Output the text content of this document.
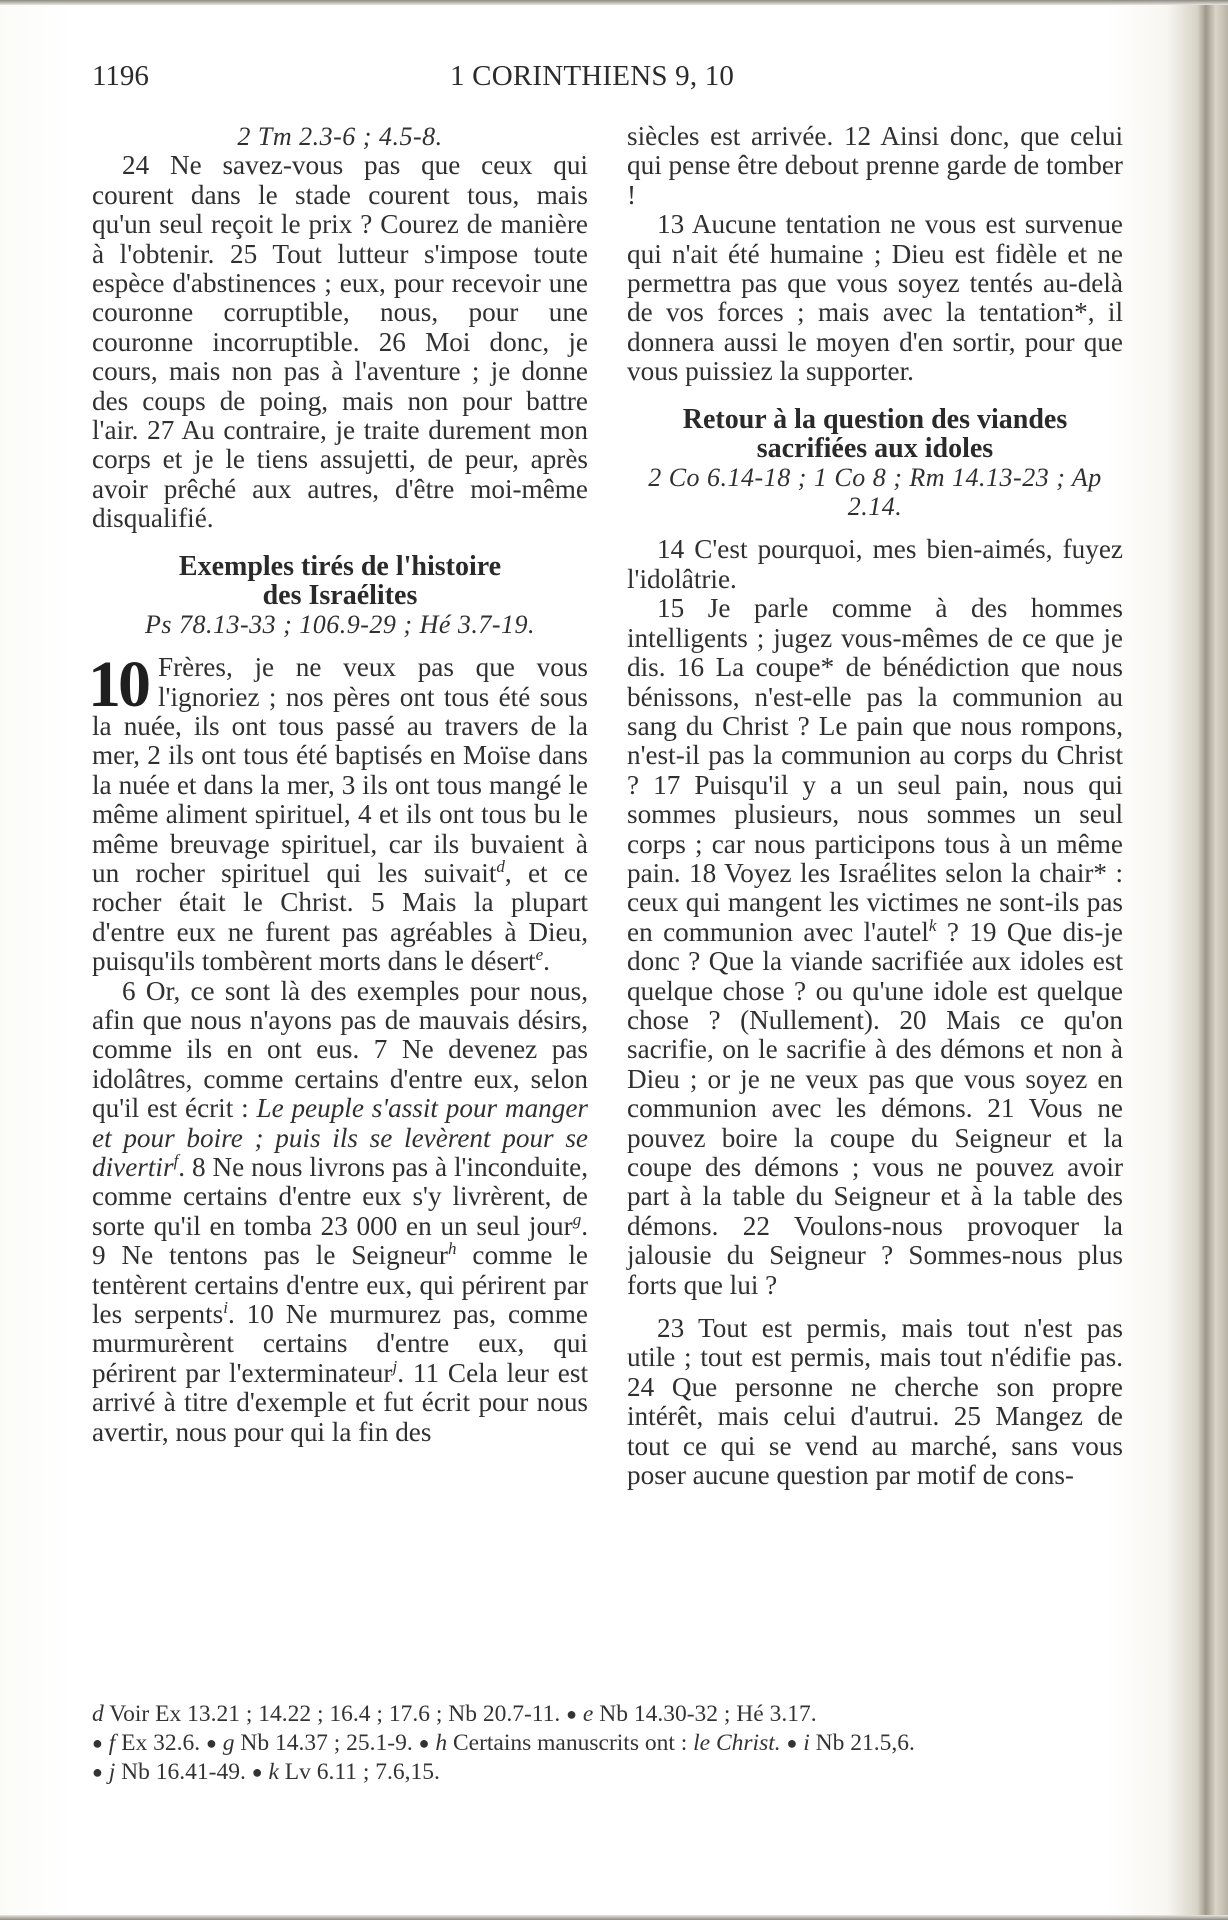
1196	1 CORINTHIENS 9, 10

2 Tm 2.3-6 ; 4.5-8.

24 Ne savez-vous pas que ceux qui courent dans le stade courent tous, mais qu'un seul reçoit le prix ? Courez de manière à l'obtenir. 25 Tout lutteur s'impose toute espèce d'abstinences ; eux, pour recevoir une couronne corruptible, nous, pour une couronne incorruptible. 26 Moi donc, je cours, mais non pas à l'aventure ; je donne des coups de poing, mais non pour battre l'air. 27 Au contraire, je traite durement mon corps et je le tiens assujetti, de peur, après avoir prêché aux autres, d'être moi-même disqualifié.

Exemples tirés de l'histoire

des Israélites

Ps 78.13-33 ; 106.9-29 ; Hé 3.7-19.

10 Frères, je ne veux pas que vous l'ignoriez ; nos pères ont tous été sous la nuée, ils ont tous passé au travers de la mer, 2 ils ont tous été baptisés en Moïse dans la nuée et dans la mer, 3 ils ont tous mangé le même aliment spirituel, 4 et ils ont tous bu le même breuvage spirituel, car ils buvaient à un rocher spirituel qui les suivait$^d$, et ce rocher était le Christ. 5 Mais la plupart d'entre eux ne furent pas agréables à Dieu, puisqu'ils tombèrent morts dans le désert$^e$.

6 Or, ce sont là des exemples pour nous, afin que nous n'ayons pas de mauvais désirs, comme ils en ont eus. 7 Ne devenez pas idolâtres, comme certains d'entre eux, selon qu'il est écrit : Le peuple s'assit pour manger et pour boire ; puis ils se levèrent pour se divertir$^f$. 8 Ne nous livrons pas à l'inconduite, comme certains d'entre eux s'y livrèrent, de sorte qu'il en tomba 23 000 en un seul jour$^g$. 9 Ne tentons pas le Seigneur$^h$ comme le tentèrent certains d'entre eux, qui périrent par les serpents$^i$. 10 Ne murmurez pas, comme murmurèrent certains d'entre eux, qui périrent par l'exterminateur$^j$. 11 Cela leur est arrivé à titre d'exemple et fut écrit pour nous avertir, nous pour qui la fin des

siècles est arrivée. 12 Ainsi donc, que celui qui pense être debout prenne garde de tomber !

13 Aucune tentation ne vous est survenue qui n'ait été humaine ; Dieu est fidèle et ne permettra pas que vous soyez tentés au-delà de vos forces ; mais avec la tentation*, il donnera aussi le moyen d'en sortir, pour que vous puissiez la supporter.

Retour à la question des viandes

sacrifiées aux idoles

2 Co 6.14-18 ; 1 Co 8 ; Rm 14.13-23 ; Ap

2.14.

14 C'est pourquoi, mes bien-aimés, fuyez l'idolâtrie.

15 Je parle comme à des hommes intelligents ; jugez vous-mêmes de ce que je dis. 16 La coupe* de bénédiction que nous bénissons, n'est-elle pas la communion au sang du Christ ? Le pain que nous rompons, n'est-il pas la communion au corps du Christ ? 17 Puisqu'il y a un seul pain, nous qui sommes plusieurs, nous sommes un seul corps ; car nous participons tous à un même pain. 18 Voyez les Israélites selon la chair* : ceux qui mangent les victimes ne sont-ils pas en communion avec l'autel$^k$ ? 19 Que dis-je donc ? Que la viande sacrifiée aux idoles est quelque chose ? ou qu'une idole est quelque chose ? (Nullement). 20 Mais ce qu'on sacrifie, on le sacrifie à des démons et non à Dieu ; or je ne veux pas que vous soyez en communion avec les démons. 21 Vous ne pouvez boire la coupe du Seigneur et la coupe des démons ; vous ne pouvez avoir part à la table du Seigneur et à la table des démons. 22 Voulons-nous provoquer la jalousie du Seigneur ? Sommes-nous plus forts que lui ?

23 Tout est permis, mais tout n'est pas utile ; tout est permis, mais tout n'édifie pas. 24 Que personne ne cherche son propre intérêt, mais celui d'autrui. 25 Mangez de tout ce qui se vend au marché, sans vous poser aucune question par motif de cons-

d Voir Ex 13.21 ; 14.22 ; 16.4 ; 17.6 ; Nb 20.7-11. ● e Nb 14.30-32 ; Hé 3.17.
● f Ex 32.6. ● g Nb 14.37 ; 25.1-9. ● h Certains manuscrits ont : le Christ. ● i Nb 21.5,6.
● j Nb 16.41-49. ● k Lv 6.11 ; 7.6,15.
